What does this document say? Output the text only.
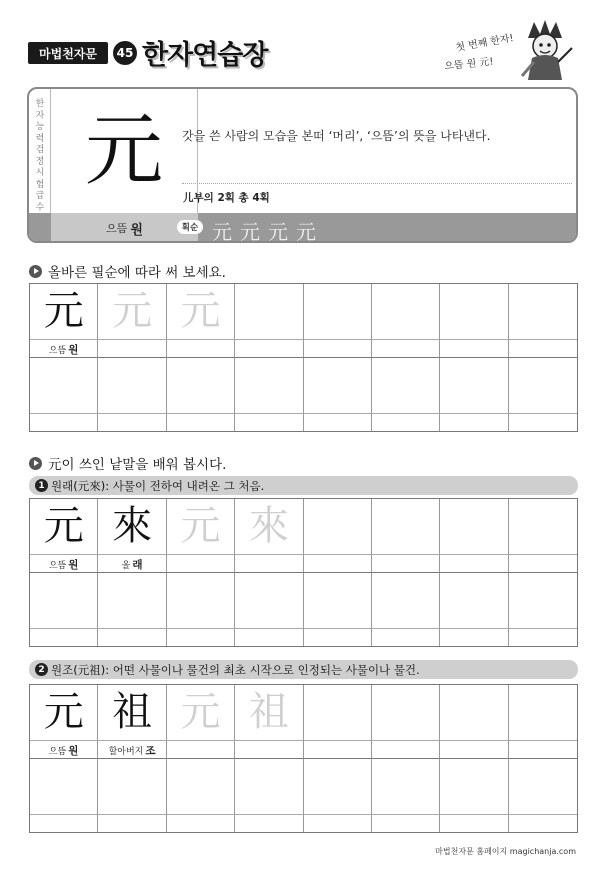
마법천자문	45 한자연습장	첫 번째 한자!
으뜸 원 元!
한자능력검정시험급수
元 갓을 쓴 사람의 모습을 본떠 ‘머리’, ‘으뜸’의 뜻을 나타낸다.
儿부의 2획 총 4획
으뜸 원	획순 元 元 元 元
올바른 필순에 따라 써 보세요.
元 元 元
으뜸 원
元 이 쓰인 낱말을 배워 봅시다.
1 원래(元來): 사물이 전하여 내려온 그 처음.
元 來 元 來
으뜸 원	올 래
2 원조(元祖): 어떤 사물이나 물건의 최초 시작으로 인정되는 사물이나 물건.
元 祖 元 祖
으뜸 원	할아버지 조
마법천자문 홈페이지 magichanja.com
